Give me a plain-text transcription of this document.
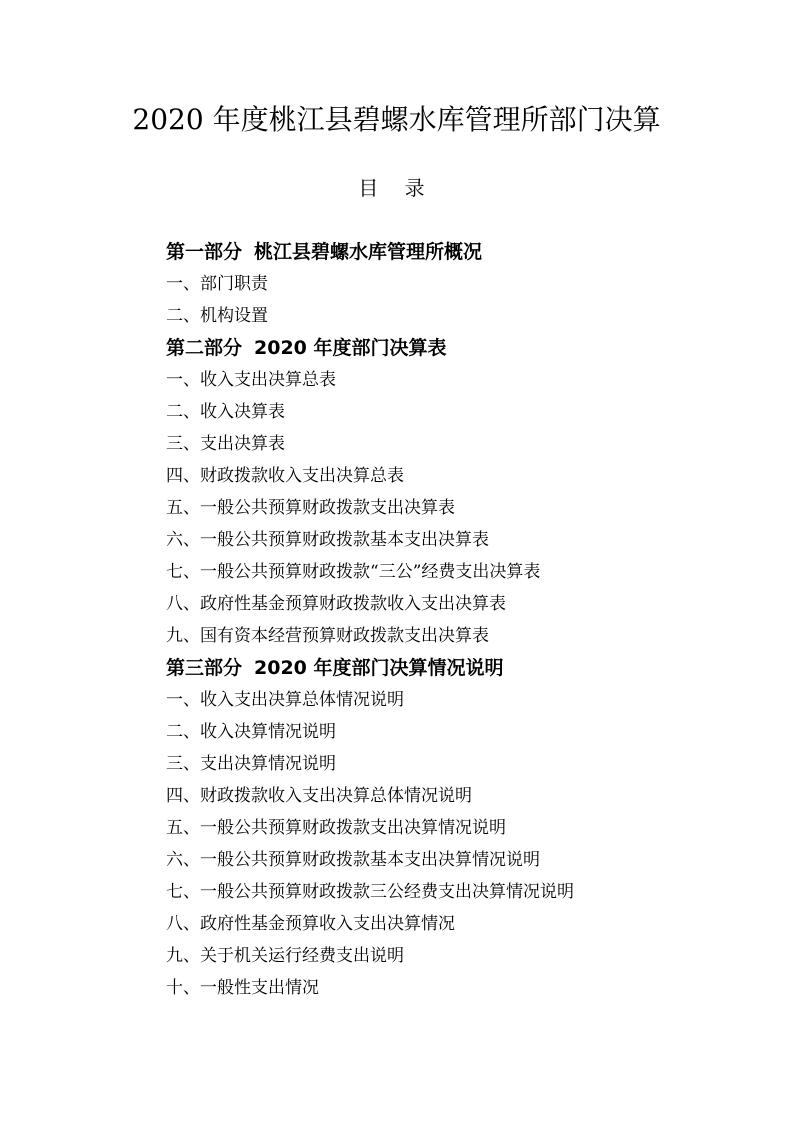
2020 年度桃江县碧螺水库管理所部门决算
目 录
第一部分 桃江县碧螺水库管理所概况
一、部门职责
二、机构设置
第二部分 2020 年度部门决算表
一、收入支出决算总表
二、收入决算表
三、支出决算表
四、财政拨款收入支出决算总表
五、一般公共预算财政拨款支出决算表
六、一般公共预算财政拨款基本支出决算表
七、一般公共预算财政拨款“三公”经费支出决算表
八、政府性基金预算财政拨款收入支出决算表
九、国有资本经营预算财政拨款支出决算表
第三部分 2020 年度部门决算情况说明
一、收入支出决算总体情况说明
二、收入决算情况说明
三、支出决算情况说明
四、财政拨款收入支出决算总体情况说明
五、一般公共预算财政拨款支出决算情况说明
六、一般公共预算财政拨款基本支出决算情况说明
七、一般公共预算财政拨款三公经费支出决算情况说明
八、政府性基金预算收入支出决算情况
九、关于机关运行经费支出说明
十、一般性支出情况
